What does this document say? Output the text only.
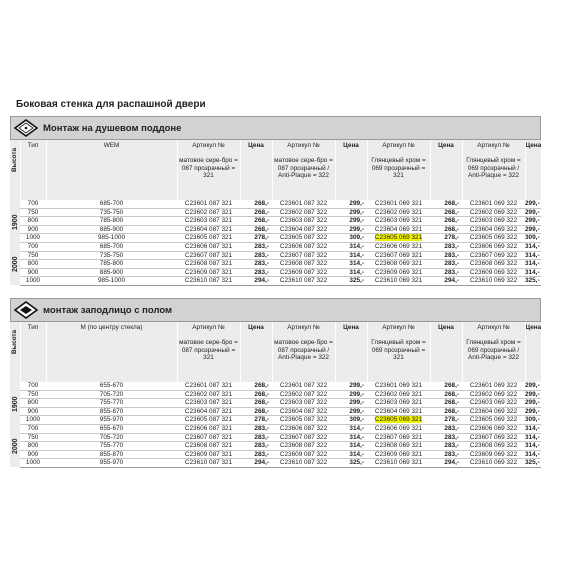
Боковая стенка для распашной двери
Монтаж на душевом поддоне
Высота	Тип	WEM	Артикул №

матовое сере-бро = 087 прозрачный = 321	Цена	Артикул №

матовое сере-бро = 087 прозрачный / Anti-Plaque = 322	Цена	Артикул №

Глянцевый хром = 069 прозрачный = 321	Цена	Артикул №

Глянцевый хром = 069 прозрачный / Anti-Plaque = 322	Цена

1900	700	685-700	C23601 087 321	268,-	C23601 087 322	299,-	C23601 069 321	268,-	C23601 069 322	299,-
	750	735-750	C23602 087 321	268,-	C23602 087 322	299,-	C23602 069 321	268,-	C23602 069 322	299,-
	800	785-800	C23603 087 321	268,-	C23603 087 322	299,-	C23603 069 321	268,-	C23603 069 322	299,-
	900	885-900	C23604 087 321	268,-	C23604 087 322	299,-	C23604 069 321	268,-	C23604 069 322	299,-
	1000	985-1000	C23605 087 321	278,-	C23605 087 322	309,-	C23605 069 321	278,-	C23605 069 322	309,-

2000	700	685-700	C23606 087 321	283,-	C23606 087 322	314,-	C23606 069 321	283,-	C23606 069 322	314,-
	750	735-750	C23607 087 321	283,-	C23607 087 322	314,-	C23607 069 321	283,-	C23607 069 322	314,-
	800	785-800	C23608 087 321	283,-	C23608 087 322	314,-	C23608 069 321	283,-	C23608 069 322	314,-
	900	885-900	C23609 087 321	283,-	C23609 087 322	314,-	C23609 069 321	283,-	C23609 069 322	314,-
	1000	985-1000	C23610 087 321	294,-	C23610 087 322	325,-	C23610 069 321	294,-	C23610 069 322	325,-
монтаж заподлицо с полом
Высота	Тип	M (по центру стекла)	Артикул №

матовое сере-бро = 087 прозрачный = 321	Цена	Артикул №

матовое сере-бро = 087 прозрачный / Anti-Plaque = 322	Цена	Артикул №

Глянцевый хром = 069 прозрачный = 321	Цена	Артикул №

Глянцевый хром = 069 прозрачный / Anti-Plaque = 322	Цена

1900	700	655-670	C23601 087 321	268,-	C23601 087 322	299,-	C23601 069 321	268,-	C23601 069 322	299,-
	750	705-720	C23602 087 321	268,-	C23602 087 322	299,-	C23602 069 321	268,-	C23602 069 322	299,-
	800	755-770	C23603 087 321	268,-	C23603 087 322	299,-	C23603 069 321	268,-	C23603 069 322	299,-
	900	855-870	C23604 087 321	268,-	C23604 087 322	299,-	C23604 069 321	268,-	C23604 069 322	299,-
	1000	955-970	C23605 087 321	278,-	C23605 087 322	309,-	C23605 069 321	278,-	C23605 069 322	309,-

2000	700	655-670	C23606 087 321	283,-	C23606 087 322	314,-	C23606 069 321	283,-	C23606 069 322	314,-
	750	705-720	C23607 087 321	283,-	C23607 087 322	314,-	C23607 069 321	283,-	C23607 069 322	314,-
	800	755-770	C23608 087 321	283,-	C23608 087 322	314,-	C23608 069 321	283,-	C23608 069 322	314,-
	900	855-870	C23609 087 321	283,-	C23609 087 322	314,-	C23609 069 321	283,-	C23609 069 322	314,-
	1000	955-970	C23610 087 321	294,-	C23610 087 322	325,-	C23610 069 321	294,-	C23610 069 322	325,-
